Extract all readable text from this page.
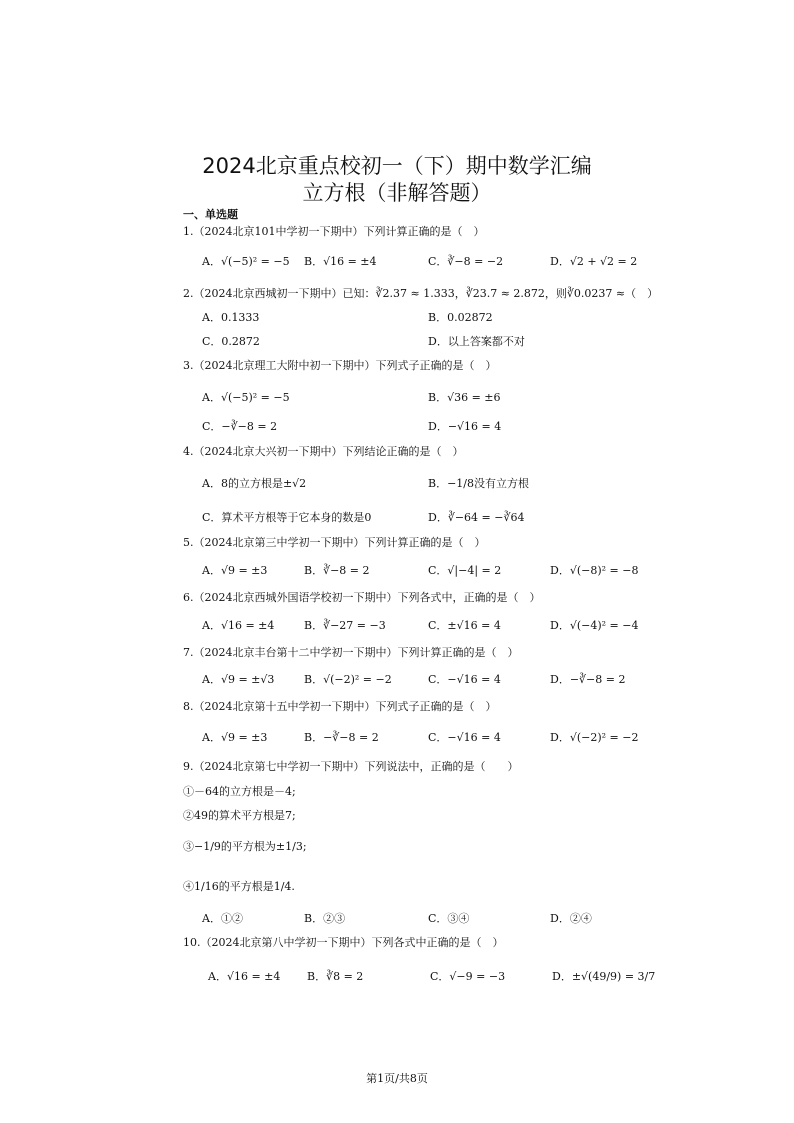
2024北京重点校初一（下）期中数学汇编
立方根（非解答题）
一、单选题
1.（2024北京101中学初一下期中）下列计算正确的是（　）
A．√(−5)² = −5 B．√16 = ±4	C．∛−8 = −2	D．√2 + √2 = 2
2.（2024北京西城初一下期中）已知：∛2.37 ≈ 1.333，∛23.7 ≈ 2.872，则∛0.0237 ≈（　）
A．0.1333	B．0.02872
C．0.2872	D．以上答案都不对
3.（2024北京理工大附中初一下期中）下列式子正确的是（　）
A．√(−5)² = −5	B．√36 = ±6
C．−∛−8 = 2	D．−√16 = 4
4.（2024北京大兴初一下期中）下列结论正确的是（　）
A．8的立方根是±√2	B．−1/8没有立方根
C．算术平方根等于它本身的数是0	D．∛−64 = −∛64
5.（2024北京第三中学初一下期中）下列计算正确的是（　）
A．√9 = ±3	B．∛−8 = 2	C．√|−4| = 2	D．√(−8)² = −8
6.（2024北京西城外国语学校初一下期中）下列各式中，正确的是（　）
A．√16 = ±4	B．∛−27 = −3	C．±√16 = 4	D．√(−4)² = −4
7.（2024北京丰台第十二中学初一下期中）下列计算正确的是（　）
A．√9 = ±√3	B．√(−2)² = −2	C．−√16 = 4	D．−∛−8 = 2
8.（2024北京第十五中学初一下期中）下列式子正确的是（　）
A．√9 = ±3	B．−∛−8 = 2	C．−√16 = 4	D．√(−2)² = −2
9.（2024北京第七中学初一下期中）下列说法中，正确的是（　　）
①－64的立方根是－4;
②49的算术平方根是7;
③−1/9的平方根为±1/3;
④1/16的平方根是1/4.
A．①②	B．②③	C．③④	D．②④
10.（2024北京第八中学初一下期中）下列各式中正确的是（　）
A．√16 = ±4 B．∛8 = 2	C．√−9 = −3	D．±√(49/9) = 3/7
第1页/共8页
